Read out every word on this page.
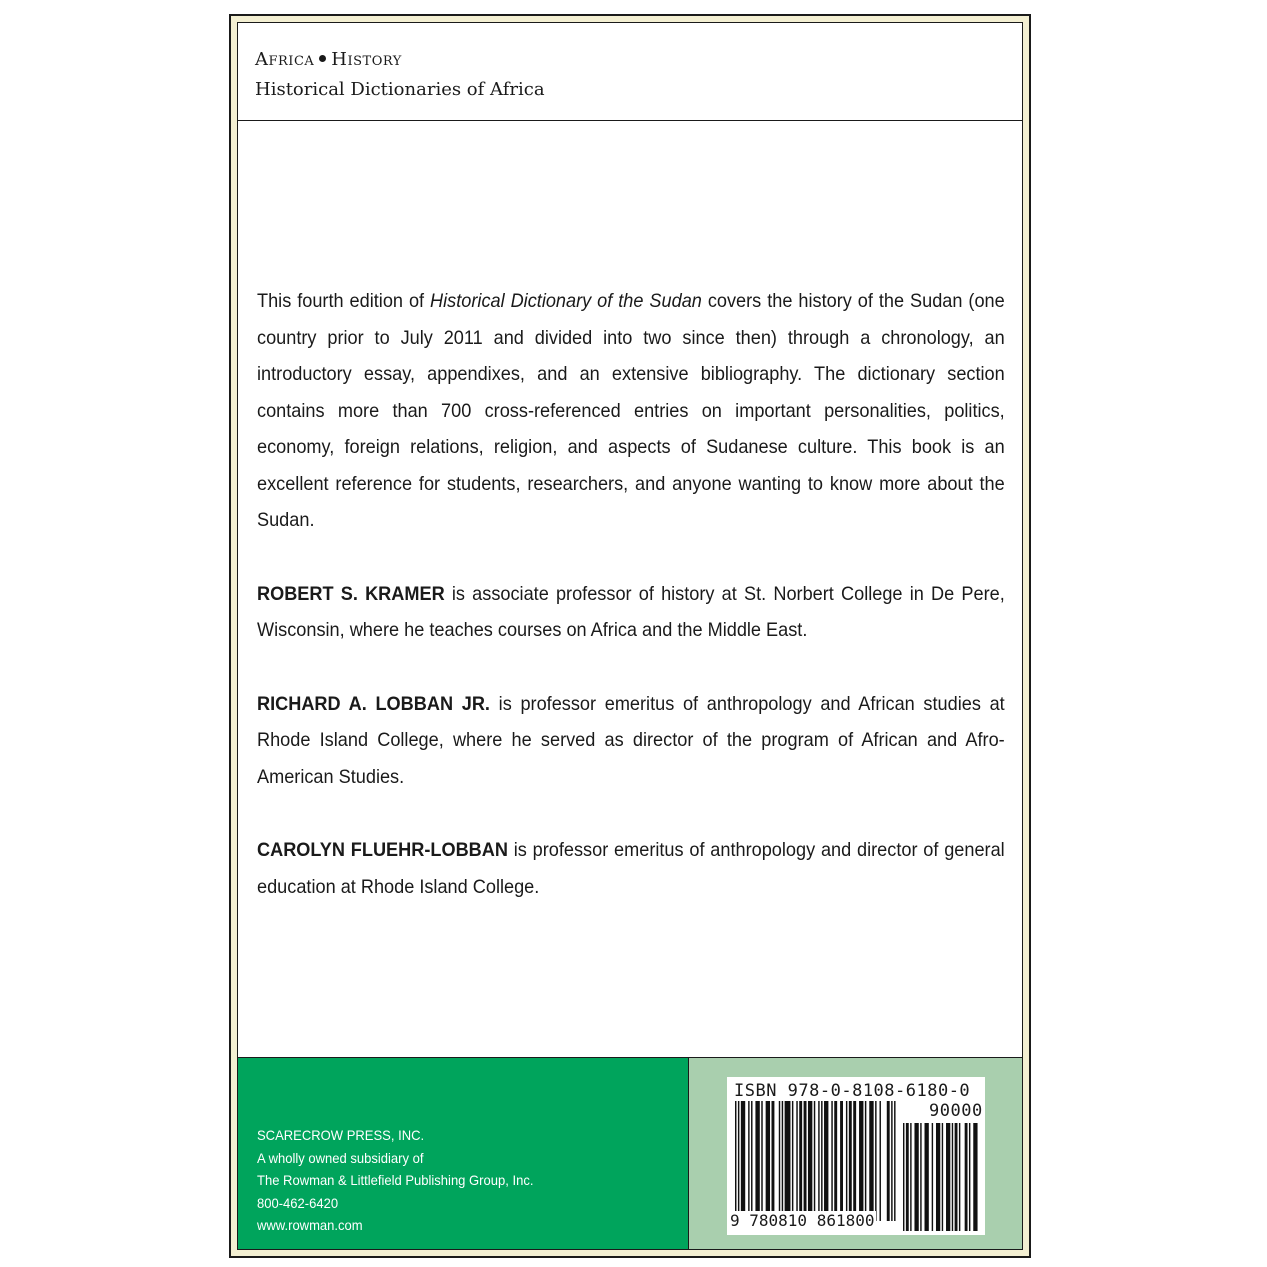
Africa History
Historical Dictionaries of Africa

This fourth edition of Historical Dictionary of the Sudan covers the history of the Sudan (one country prior to July 2011 and divided into two since then) through a chronology, an introductory essay, appendixes, and an extensive bibliography. The dictionary section contains more than 700 cross-referenced entries on important personalities, politics, economy, foreign relations, religion, and aspects of Sudanese culture. This book is an excellent reference for students, researchers, and anyone wanting to know more about the Sudan.

ROBERT S. KRAMER is associate professor of history at St. Norbert College in De Pere, Wisconsin, where he teaches courses on Africa and the Middle East.

RICHARD A. LOBBAN JR. is professor emeritus of anthropology and African studies at Rhode Island College, where he served as director of the program of African and Afro-American Studies.

CAROLYN FLUEHR-LOBBAN is professor emeritus of anthropology and director of general education at Rhode Island College.

SCARECROW PRESS, INC.
A wholly owned subsidiary of
The Rowman & Littlefield Publishing Group, Inc.
800-462-6420
www.rowman.com
ISBN 978-0-8108-6180-0
90000
9 780810 861800
